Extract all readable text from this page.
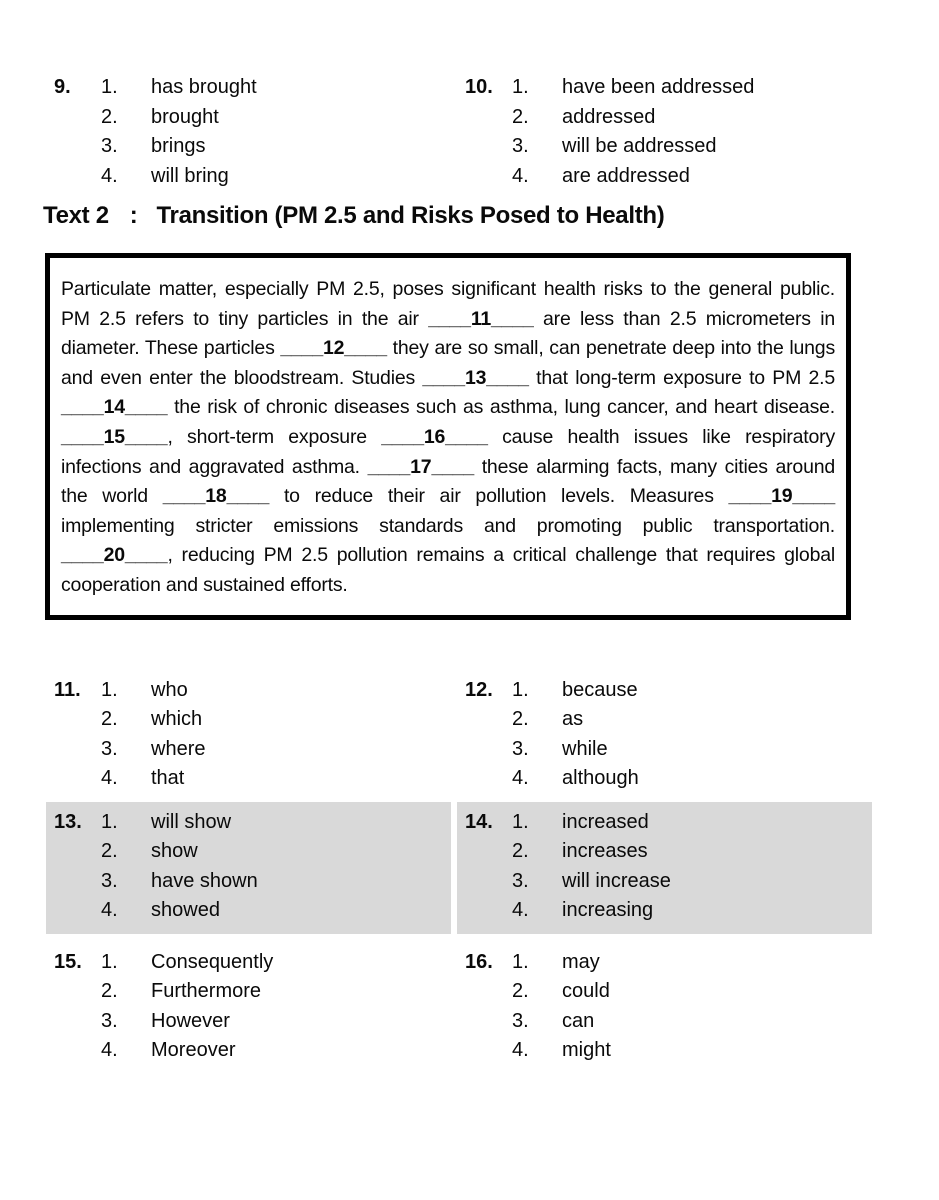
9.	1.	has brought
2.	brought
3.	brings
4.	will bring
10. 1.	have been addressed
2.	addressed
3.	will be addressed
4.	are addressed
Text 2 : Transition (PM 2.5 and Risks Posed to Health)
Particulate matter, especially PM 2.5, poses significant health risks to the general public. PM 2.5 refers to tiny particles in the air ____11____ are less than 2.5 micrometers in diameter. These particles ____12____ they are so small, can penetrate deep into the lungs and even enter the bloodstream. Studies ____13____ that long-term exposure to PM 2.5 ____14____ the risk of chronic diseases such as asthma, lung cancer, and heart disease. ____15____, short-term exposure ____16____ cause health issues like respiratory infections and aggravated asthma. ____17____ these alarming facts, many cities around the world ____18____ to reduce their air pollution levels. Measures ____19____ implementing stricter emissions standards and promoting public transportation. ____20____, reducing PM 2.5 pollution remains a critical challenge that requires global cooperation and sustained efforts.
11.	1.	who
2.	which
3.	where
4.	that
12. 1.	because
2.	as
3.	while
4.	although
13. 1.	will show
2.	show
3.	have shown
4.	showed
14. 1.	increased
2.	increases
3.	will increase
4.	increasing
15. 1.	Consequently
2.	Furthermore
3.	However
4.	Moreover
16. 1.	may
2.	could
3.	can
4.	might
